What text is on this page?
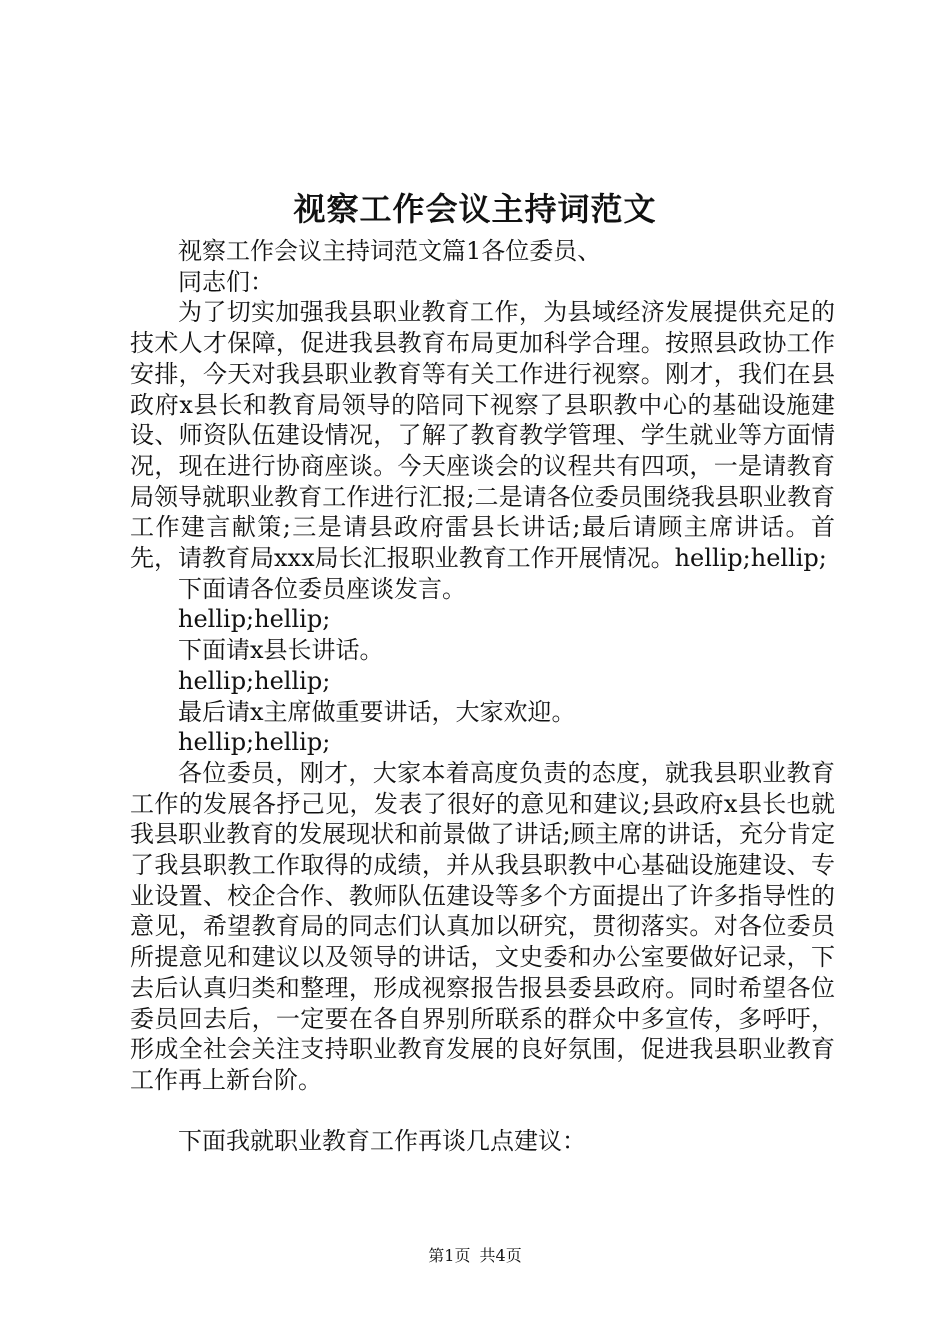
视察工作会议主持词范文

视察工作会议主持词范文篇1各位委员、

同志们：

为了切实加强我县职业教育工作，为县域经济发展提供充足的技术人才保障，促进我县教育布局更加科学合理。按照县政协工作安排，今天对我县职业教育等有关工作进行视察。刚才，我们在县政府x县长和教育局领导的陪同下视察了县职教中心的基础设施建设、师资队伍建设情况，了解了教育教学管理、学生就业等方面情况，现在进行协商座谈。今天座谈会的议程共有四项，一是请教育局领导就职业教育工作进行汇报;二是请各位委员围绕我县职业教育工作建言献策;三是请县政府雷县长讲话;最后请顾主席讲话。首先，请教育局xxx局长汇报职业教育工作开展情况。hellip;hellip;

下面请各位委员座谈发言。

hellip;hellip;

下面请x县长讲话。

hellip;hellip;

最后请x主席做重要讲话，大家欢迎。

hellip;hellip;

各位委员，刚才，大家本着高度负责的态度，就我县职业教育工作的发展各抒己见，发表了很好的意见和建议;县政府x县长也就我县职业教育的发展现状和前景做了讲话;顾主席的讲话，充分肯定了我县职教工作取得的成绩，并从我县职教中心基础设施建设、专业设置、校企合作、教师队伍建设等多个方面提出了许多指导性的意见，希望教育局的同志们认真加以研究，贯彻落实。对各位委员所提意见和建议以及领导的讲话，文史委和办公室要做好记录，下去后认真归类和整理，形成视察报告报县委县政府。同时希望各位委员回去后，一定要在各自界别所联系的群众中多宣传，多呼吁，形成全社会关注支持职业教育发展的良好氛围，促进我县职业教育工作再上新台阶。

下面我就职业教育工作再谈几点建议：

第1页 共4页
